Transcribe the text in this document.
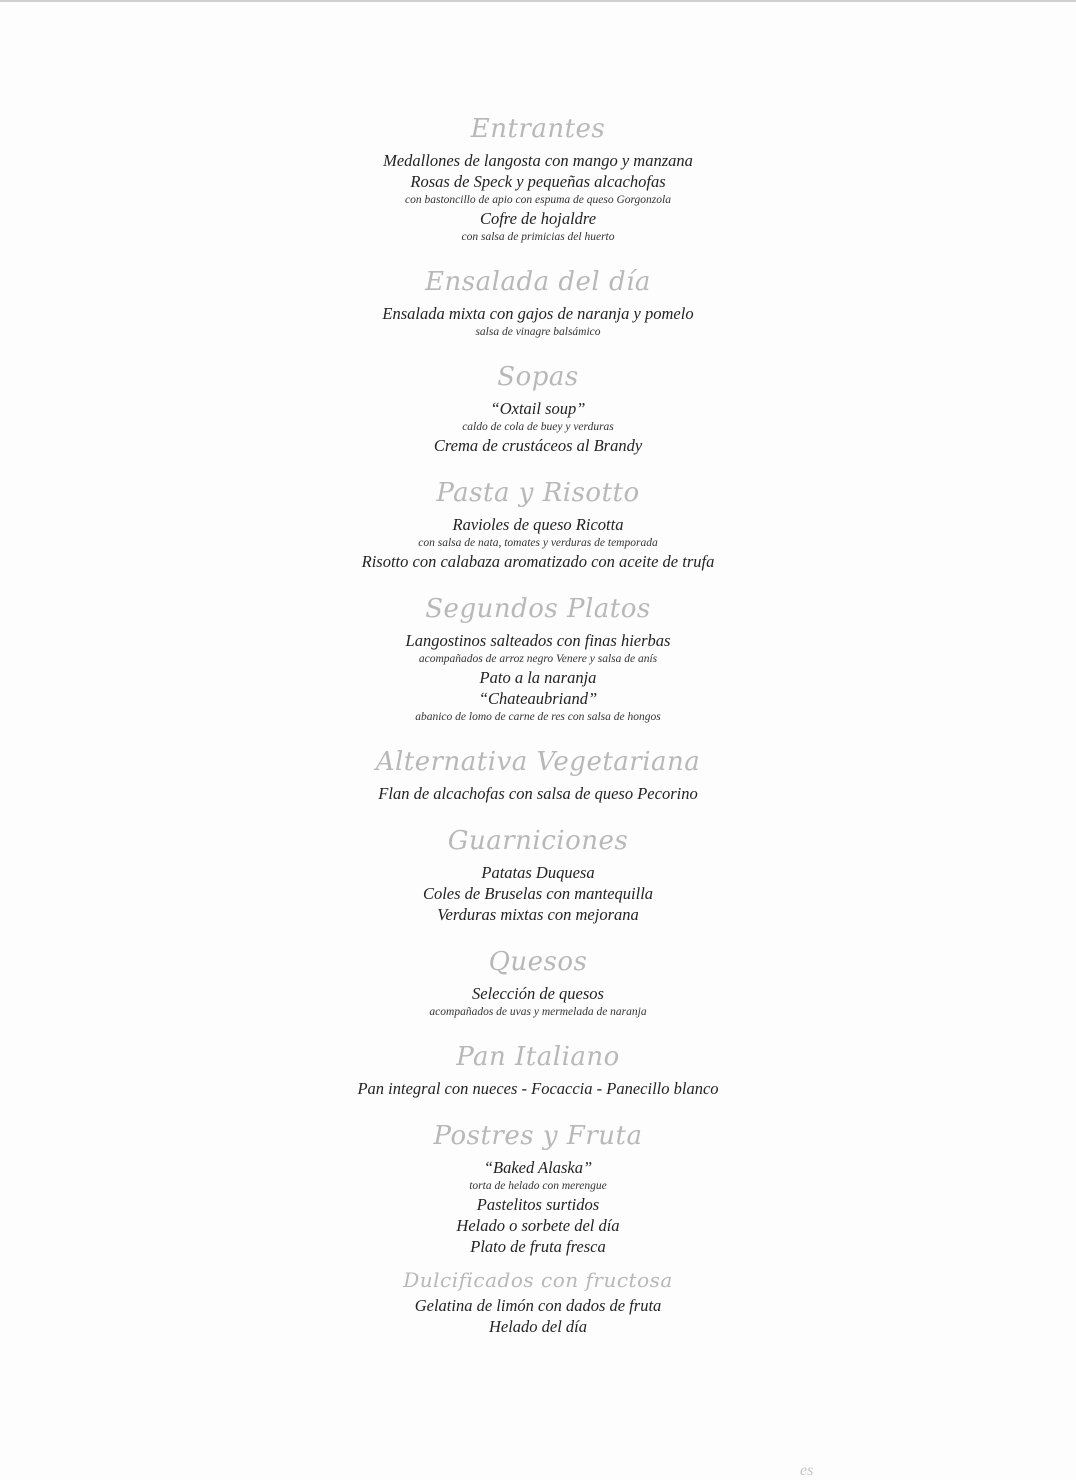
Entrantes
Medallones de langosta con mango y manzana
Rosas de Speck y pequeñas alcachofas
con bastoncillo de apio con espuma de queso Gorgonzola
Cofre de hojaldre
con salsa de primicias del huerto
Ensalada del día
Ensalada mixta con gajos de naranja y pomelo
salsa de vinagre balsámico
Sopas
“Oxtail soup”
caldo de cola de buey y verduras
Crema de crustáceos al Brandy
Pasta y Risotto
Ravioles de queso Ricotta
con salsa de nata, tomates y verduras de temporada
Risotto con calabaza aromatizado con aceite de trufa
Segundos Platos
Langostinos salteados con finas hierbas
acompañados de arroz negro Venere y salsa de anís
Pato a la naranja
“Chateaubriand”
abanico de lomo de carne de res con salsa de hongos
Alternativa Vegetariana
Flan de alcachofas con salsa de queso Pecorino
Guarniciones
Patatas Duquesa
Coles de Bruselas con mantequilla
Verduras mixtas con mejorana
Quesos
Selección de quesos
acompañados de uvas y mermelada de naranja
Pan Italiano
Pan integral con nueces - Focaccia - Panecillo blanco
Postres y Fruta
“Baked Alaska”
torta de helado con merengue
Pastelitos surtidos
Helado o sorbete del día
Plato de fruta fresca
Dulcificados con fructosa
Gelatina de limón con dados de fruta
Helado del día
es
